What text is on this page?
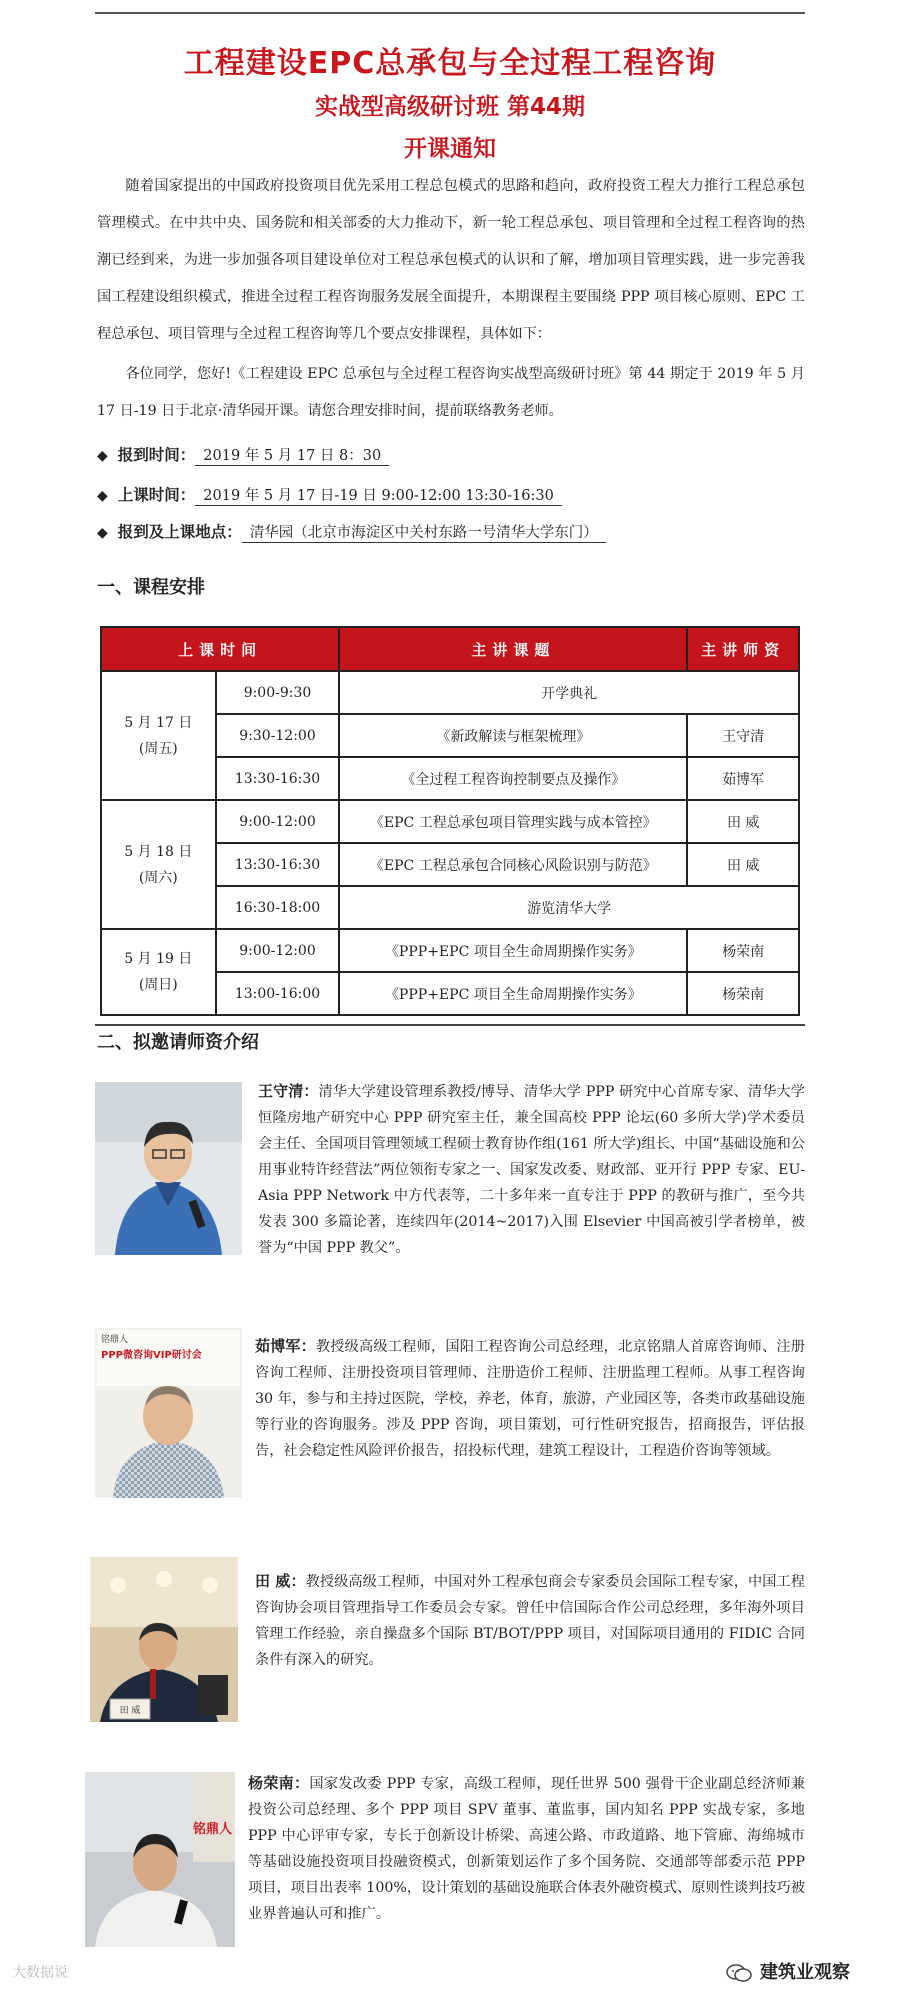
工程建设EPC总承包与全过程工程咨询
实战型高级研讨班 第44期
开课通知
随着国家提出的中国政府投资项目优先采用工程总包模式的思路和趋向，政府投资工程大力推行工程总承包管理模式。在中共中央、国务院和相关部委的大力推动下，新一轮工程总承包、项目管理和全过程工程咨询的热潮已经到来，为进一步加强各项目建设单位对工程总承包模式的认识和了解，增加项目管理实践，进一步完善我国工程建设组织模式，推进全过程工程咨询服务发展全面提升，本期课程主要围绕 PPP 项目核心原则、EPC 工程总承包、项目管理与全过程工程咨询等几个要点安排课程，具体如下：
各位同学，您好!《工程建设 EPC 总承包与全过程工程咨询实战型高级研讨班》第 44 期定于 2019 年 5 月 17 日-19 日于北京·清华园开课。请您合理安排时间，提前联络教务老师。
◆ 报到时间： 2019 年 5 月 17 日 8：30
◆ 上课时间： 2019 年 5 月 17 日-19 日 9:00-12:00 13:30-16:30
◆ 报到及上课地点： 清华园（北京市海淀区中关村东路一号清华大学东门）
一、课程安排
上课时间		主讲课题	主讲师资

5 月 17 日
(周五)	9:00-9:30	开学典礼	
	9:30-12:00	《新政解读与框架梳理》	王守清
	13:30-16:30	《全过程工程咨询控制要点及操作》	茹博军

5 月 18 日
(周六)	9:00-12:00	《EPC 工程总承包项目管理实践与成本管控》	田 威
	13:30-16:30	《EPC 工程总承包合同核心风险识别与防范》	田 威
	16:30-18:00	游览清华大学	

5 月 19 日
(周日)	9:00-12:00	《PPP+EPC 项目全生命周期操作实务》	杨荣南
	13:00-16:00	《PPP+EPC 项目全生命周期操作实务》	杨荣南
二、拟邀请师资介绍
王守清：清华大学建设管理系教授/博导、清华大学 PPP 研究中心首席专家、清华大学恒隆房地产研究中心 PPP 研究室主任，兼全国高校 PPP 论坛(60 多所大学)学术委员会主任、全国项目管理领域工程硕士教育协作组(161 所大学)组长、中国“基础设施和公用事业特许经营法”两位领衔专家之一、国家发改委、财政部、亚开行 PPP 专家、EU-Asia PPP Network 中方代表等，二十多年来一直专注于 PPP 的教研与推广，至今共发表 300 多篇论著，连续四年(2014~2017)入围 Elsevier 中国高被引学者榜单，被誉为“中国 PPP 教父”。
铭鼎人
PPP微咨询VIP研讨会
茹博军：教授级高级工程师，国阳工程咨询公司总经理，北京铭鼎人首席咨询师、注册咨询工程师、注册投资项目管理师、注册造价工程师、注册监理工程师。从事工程咨询 30 年，参与和主持过医院，学校，养老，体育，旅游，产业园区等，各类市政基础设施等行业的咨询服务。涉及 PPP 咨询，项目策划，可行性研究报告，招商报告，评估报告，社会稳定性风险评价报告，招投标代理，建筑工程设计，工程造价咨询等领域。
田 威
田 威：教授级高级工程师，中国对外工程承包商会专家委员会国际工程专家，中国工程咨询协会项目管理指导工作委员会专家。曾任中信国际合作公司总经理，多年海外项目管理工作经验，亲自操盘多个国际 BT/BOT/PPP 项目，对国际项目通用的 FIDIC 合同条件有深入的研究。
铭鼎人
杨荣南：国家发改委 PPP 专家，高级工程师，现任世界 500 强骨干企业副总经济师兼投资公司总经理、多个 PPP 项目 SPV 董事、董监事，国内知名 PPP 实战专家，多地 PPP 中心评审专家，专长于创新设计桥梁、高速公路、市政道路、地下管廊、海绵城市等基础设施投资项目投融资模式，创新策划运作了多个国务院、交通部等部委示范 PPP 项目，项目出表率 100%，设计策划的基础设施联合体表外融资模式、原则性谈判技巧被业界普遍认可和推广。
大数据说	建筑业观察
